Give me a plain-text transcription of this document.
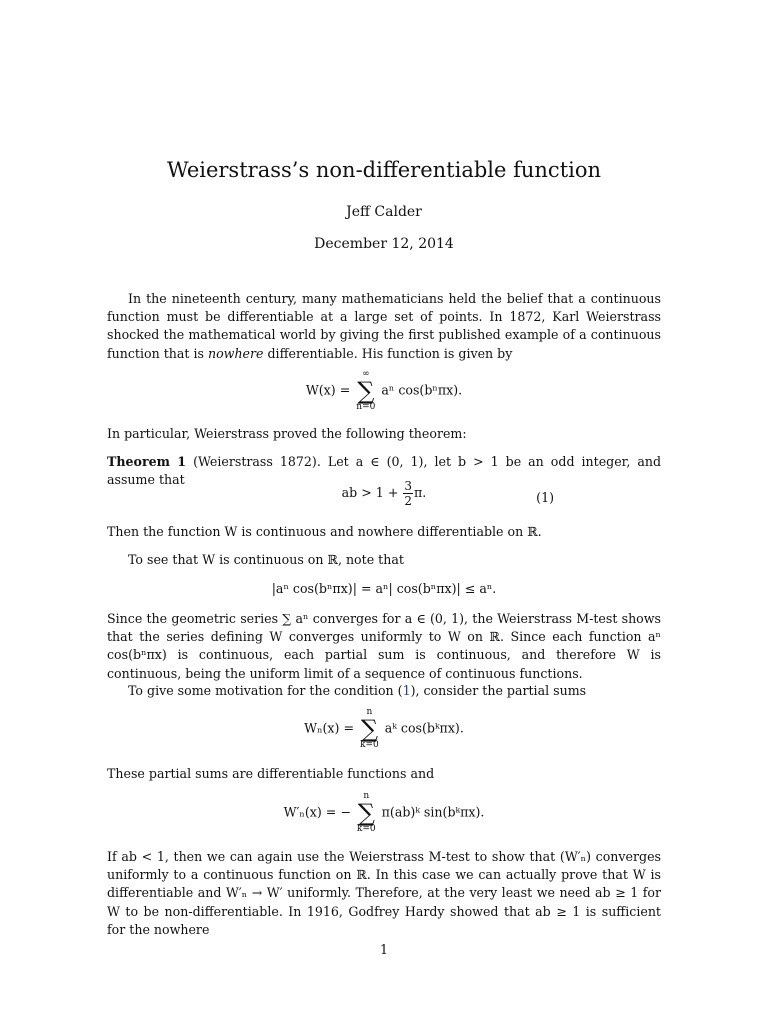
Weierstrass’s non-differentiable function
Jeff Calder
December 12, 2014
In the nineteenth century, many mathematicians held the belief that a continuous function must be differentiable at a large set of points. In 1872, Karl Weierstrass shocked the mathematical world by giving the first published example of a continuous function that is nowhere differentiable. His function is given by
W(x) =
∞
∑
n=0
aⁿ cos(bⁿπx).
In particular, Weierstrass proved the following theorem:
Theorem 1 (Weierstrass 1872). Let a ∈ (0, 1), let b > 1 be an odd integer, and assume that
ab > $1 + \frac{3}{2} \pi$.	(1)
Then the function W is continuous and nowhere differentiable on ℝ.
To see that W is continuous on ℝ, note that
|aⁿ cos(bⁿπx)| = aⁿ| cos(bⁿπx)| ≤ aⁿ.
Since the geometric series ∑ aⁿ converges for a ∈ (0, 1), the Weierstrass M-test shows that the series defining W converges uniformly to W on ℝ. Since each function aⁿ cos(bⁿπx) is continuous, each partial sum is continuous, and therefore W is continuous, being the uniform limit of a sequence of continuous functions.
To give some motivation for the condition (1), consider the partial sums
Wₙ(x) =
n
∑
k=0
aᵏ cos(bᵏπx).
These partial sums are differentiable functions and
W′ₙ(x) = −
n
∑
k=0
π(ab)ᵏ sin(bᵏπx).
If ab < 1, then we can again use the Weierstrass M-test to show that (W′ₙ) converges uniformly to a continuous function on ℝ. In this case we can actually prove that W is differentiable and W′ₙ → W′ uniformly. Therefore, at the very least we need ab ≥ 1 for W to be non-differentiable. In 1916, Godfrey Hardy showed that ab ≥ 1 is sufficient for the nowhere
1
